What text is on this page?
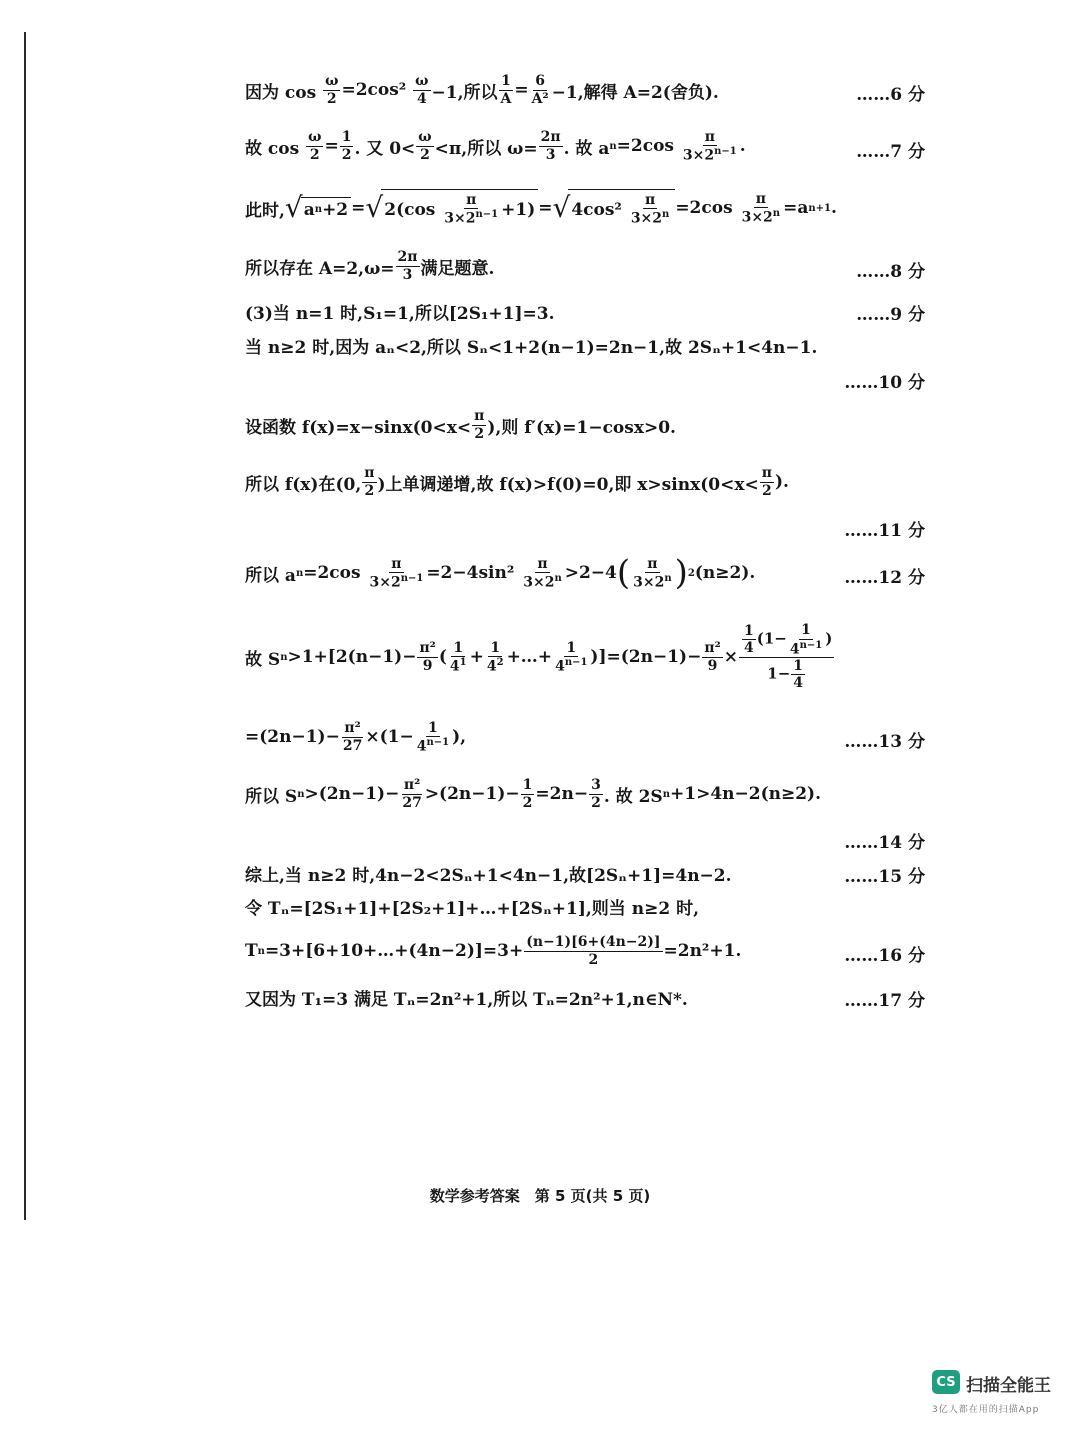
因为 $\cos \frac{\omega}{2} =2\cos^2 \frac{\omega}{4} -1$,所以 $\frac{1}{A} = \frac{6}{\text{A²}} -1$,解得 A=2(舍负).	……6 分
故 $\cos \frac{\omega}{2} = \frac{1}{2}$ . 又 $0< \frac{\omega}{2} <\pi$,所以 $\omega= \frac{2\pi}{3}$ . 故 a $n =2\cos \frac{\pi}{3\times 2^{n-1}}$ .	……7 分
此时, √ a n +2 = √ $2(\cos \frac{\pi}{3\times 2^{n-1}} +1)$ = √ $4\cos^2 \frac{\pi}{3\times 2^n} =2\cos \frac{\pi}{3\times 2^n} =a$ n+1 .
所以存在 $A=2,\omega= \frac{2\pi}{3}$ 满足题意.	……8 分
(3)当 n=1 时,S₁=1,所以[2S₁+1]=3.	……9 分
当 n≥2 时,因为 aₙ<2,所以 Sₙ<1+2(n−1)=2n−1,故 2Sₙ+1<4n−1.
……10 分
设函数 $f(x)=x-\sin x(0<x< \frac{\pi}{2}$ ),则 f′(x)=1−cosx>0.
所以 f(x)在(0, $\frac{\pi}{2}$ )上单调递增,故 f(x)>f(0)=0,即 $x>\sin x(0<x< \frac{\pi}{2}$ ).
……11 分
所以 a $n =2\cos \frac{\pi}{3\times 2^{n-1}} =2-4\sin^2 \frac{\pi}{3\times 2^n} >2-4$ ( $\frac{\pi}{3\times 2^n}$ ) 2 (n≥2).	……12 分
故 S $n >1+[2(n-1)- \frac{\text{π²}}{9}$ ( $\frac{1}{4^1} + \frac{1}{4^2}$ +…+ $\frac{1}{4^{n-1}} )]=(2n-1)- \frac{\text{π²}}{9} \times \frac{\frac{1}{4} (1- \frac{1}{4^{n-1}} )}{1- \frac{1}{4}}$
$=(2n-1)- \frac{\text{π²}}{27} \times(1- \frac{1}{4^{n-1}}$ ),	……13 分
所以 S $n >(2n-1)- \frac{\text{π²}}{27} >(2n-1)- \frac{1}{2} =2n- \frac{3}{2}$ . 故 2S n +1>4n−2(n≥2).
……14 分
综上,当 n≥2 时,4n−2<2Sₙ+1<4n−1,故[2Sₙ+1]=4n−2.	……15 分
令 Tₙ=[2S₁+1]+[2S₂+1]+…+[2Sₙ+1],则当 n≥2 时,
T n =3+[6+10+…+(4n−2)]=3+ $\frac{(n-1)[6+(4n-2)]}{2} =2n^2+1$.	……16 分
又因为 T₁=3 满足 Tₙ=2n²+1,所以 Tₙ=2n²+1,n∈N*.	……17 分
数学参考答案　第 5 页(共 5 页)
CS 扫描全能王
3亿人都在用的扫描App
